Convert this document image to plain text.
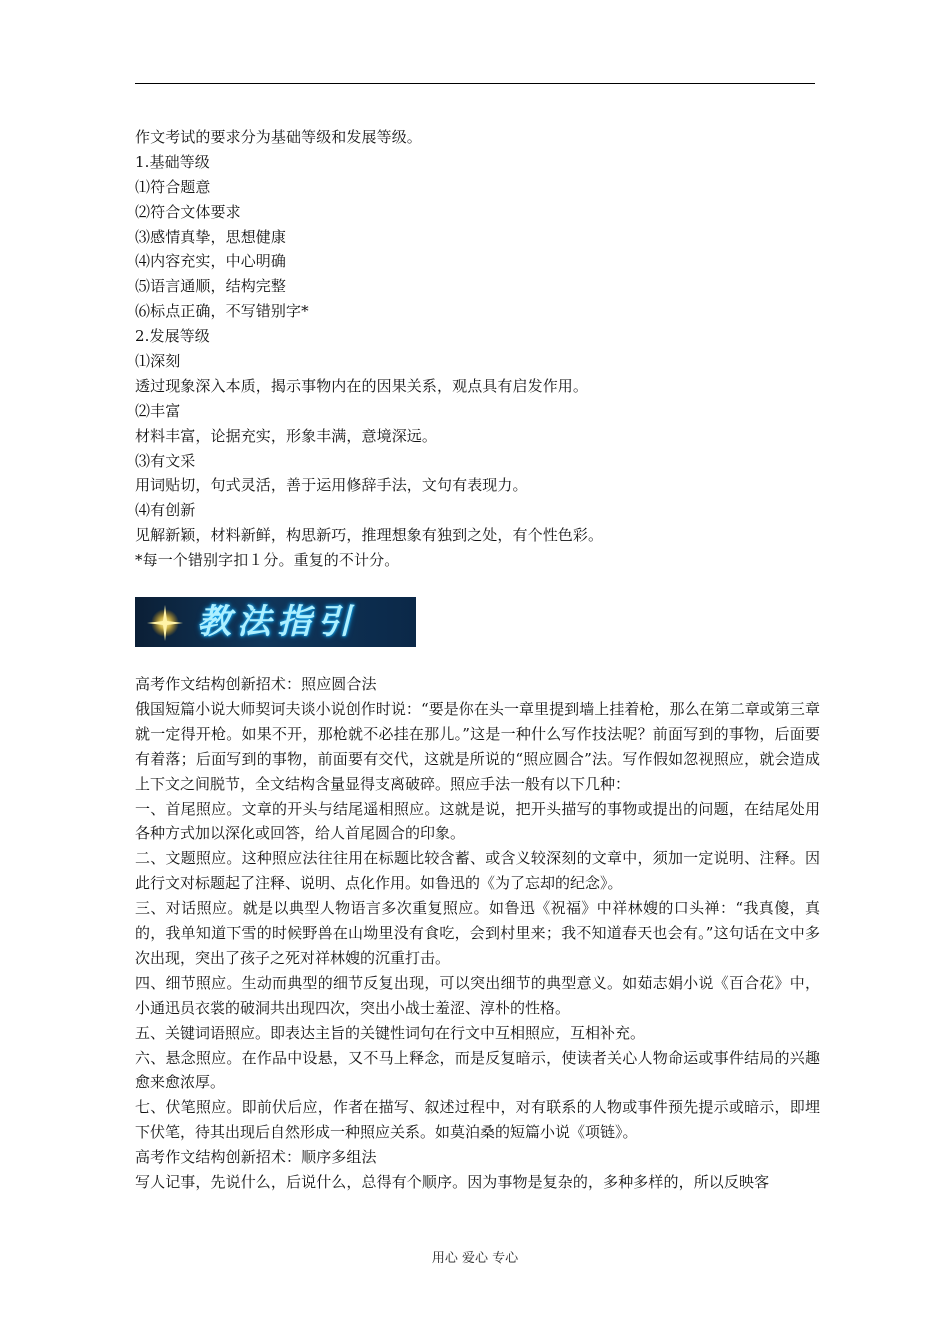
作文考试的要求分为基础等级和发展等级。
1.基础等级
⑴符合题意
⑵符合文体要求
⑶感情真挚，思想健康
⑷内容充实，中心明确
⑸语言通顺，结构完整
⑹标点正确，不写错别字*
2.发展等级
⑴深刻
透过现象深入本质，揭示事物内在的因果关系，观点具有启发作用。
⑵丰富
材料丰富，论据充实，形象丰满，意境深远。
⑶有文采
用词贴切，句式灵活，善于运用修辞手法，文句有表现力。
⑷有创新
见解新颖，材料新鲜，构思新巧，推理想象有独到之处，有个性色彩。
*每一个错别字扣１分。重复的不计分。
教法指引
高考作文结构创新招术：照应圆合法
俄国短篇小说大师契诃夫谈小说创作时说：“要是你在头一章里提到墙上挂着枪，那么在第二章或第三章就一定得开枪。如果不开，那枪就不必挂在那儿。”这是一种什么写作技法呢？前面写到的事物，后面要有着落；后面写到的事物，前面要有交代，这就是所说的“照应圆合”法。写作假如忽视照应，就会造成上下文之间脱节，全文结构含量显得支离破碎。照应手法一般有以下几种：
一、首尾照应。文章的开头与结尾遥相照应。这就是说，把开头描写的事物或提出的问题，在结尾处用各种方式加以深化或回答，给人首尾圆合的印象。
二、文题照应。这种照应法往往用在标题比较含蓄、或含义较深刻的文章中，须加一定说明、注释。因此行文对标题起了注释、说明、点化作用。如鲁迅的《为了忘却的纪念》。
三、对话照应。就是以典型人物语言多次重复照应。如鲁迅《祝福》中祥林嫂的口头禅：“我真傻，真的，我单知道下雪的时候野兽在山坳里没有食吃，会到村里来；我不知道春天也会有。”这句话在文中多次出现，突出了孩子之死对祥林嫂的沉重打击。
四、细节照应。生动而典型的细节反复出现，可以突出细节的典型意义。如茹志娟小说《百合花》中，小通迅员衣裳的破洞共出现四次，突出小战士羞涩、淳朴的性格。
五、关键词语照应。即表达主旨的关键性词句在行文中互相照应，互相补充。
六、悬念照应。在作品中设悬，又不马上释念，而是反复暗示，使读者关心人物命运或事件结局的兴趣愈来愈浓厚。
七、伏笔照应。即前伏后应，作者在描写、叙述过程中，对有联系的人物或事件预先提示或暗示，即埋下伏笔，待其出现后自然形成一种照应关系。如莫泊桑的短篇小说《项链》。
高考作文结构创新招术：顺序多组法
写人记事，先说什么，后说什么，总得有个顺序。因为事物是复杂的，多种多样的，所以反映客
用心 爱心 专心
